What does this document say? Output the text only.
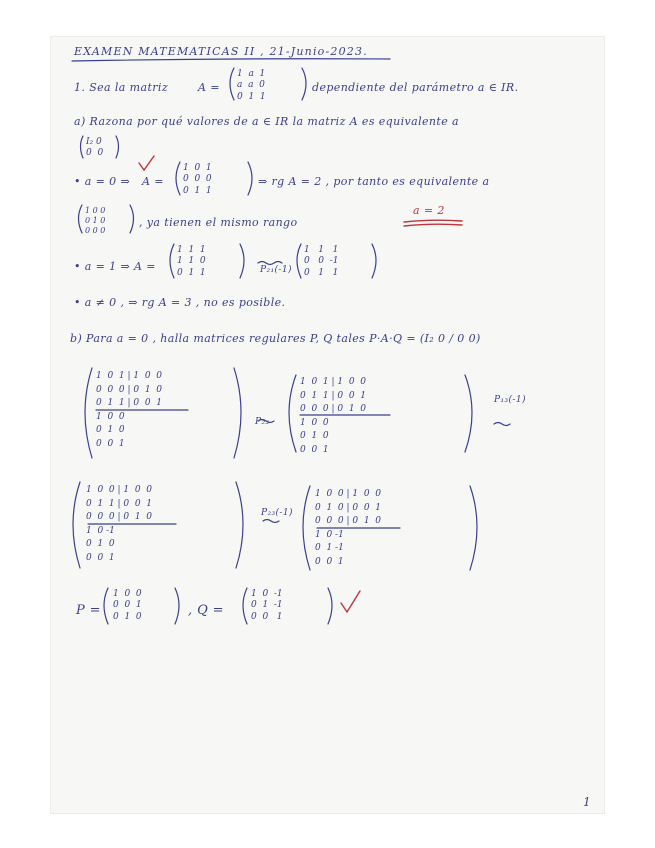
EXAMEN MATEMATICAS II , 21-Junio-2023.
1. Sea la matriz	A =
1  a  1
a  a  0
0  1  1
dependiente del parámetro a ∈ IR.
a) Razona por qué valores de a ∈ IR la matriz A es equivalente a
I₂ 0
0  0
• a = 0 ⇒ A =
1  0  1
0  0  0
0  1  1
⇒ rg A = 2 , por tanto es equivalente a
1 0 0
0 1 0
0 0 0
, ya tienen el mismo rango
a = 2
• a = 1 ⇒ A =
1  1  1
1  1  0
0  1  1	P₂₁(-1)
1   1   1
0   0  -1
0   1   1
• a ≠ 0 , ⇒ rg A = 3 , no es posible.
b) Para a = 0 , halla matrices regulares P, Q tales P·A·Q = (I₂ 0 / 0 0)
1  0  1 | 1  0  0
0  0  0 | 0  1  0
0  1  1 | 0  0  1
1  0  0
0  1  0
0  0  1
P₂₃
1  0  1 | 1  0  0
0  1  1 | 0  0  1
0  0  0 | 0  1  0
1  0  0
0  1  0
0  0  1
P₁₃(-1)
1  0  0 | 1  0  0
0  1  1 | 0  0  1
0  0  0 | 0  1  0
1  0 -1
0  1  0
0  0  1
P₂₃(-1)
1  0  0 | 1  0  0
0  1  0 | 0  0  1
0  0  0 | 0  1  0
1  0 -1
0  1 -1
0  0  1
P =
1  0  0
0  0  1
0  1  0	, Q =
1  0  -1
0  1  -1
0  0   1
1
